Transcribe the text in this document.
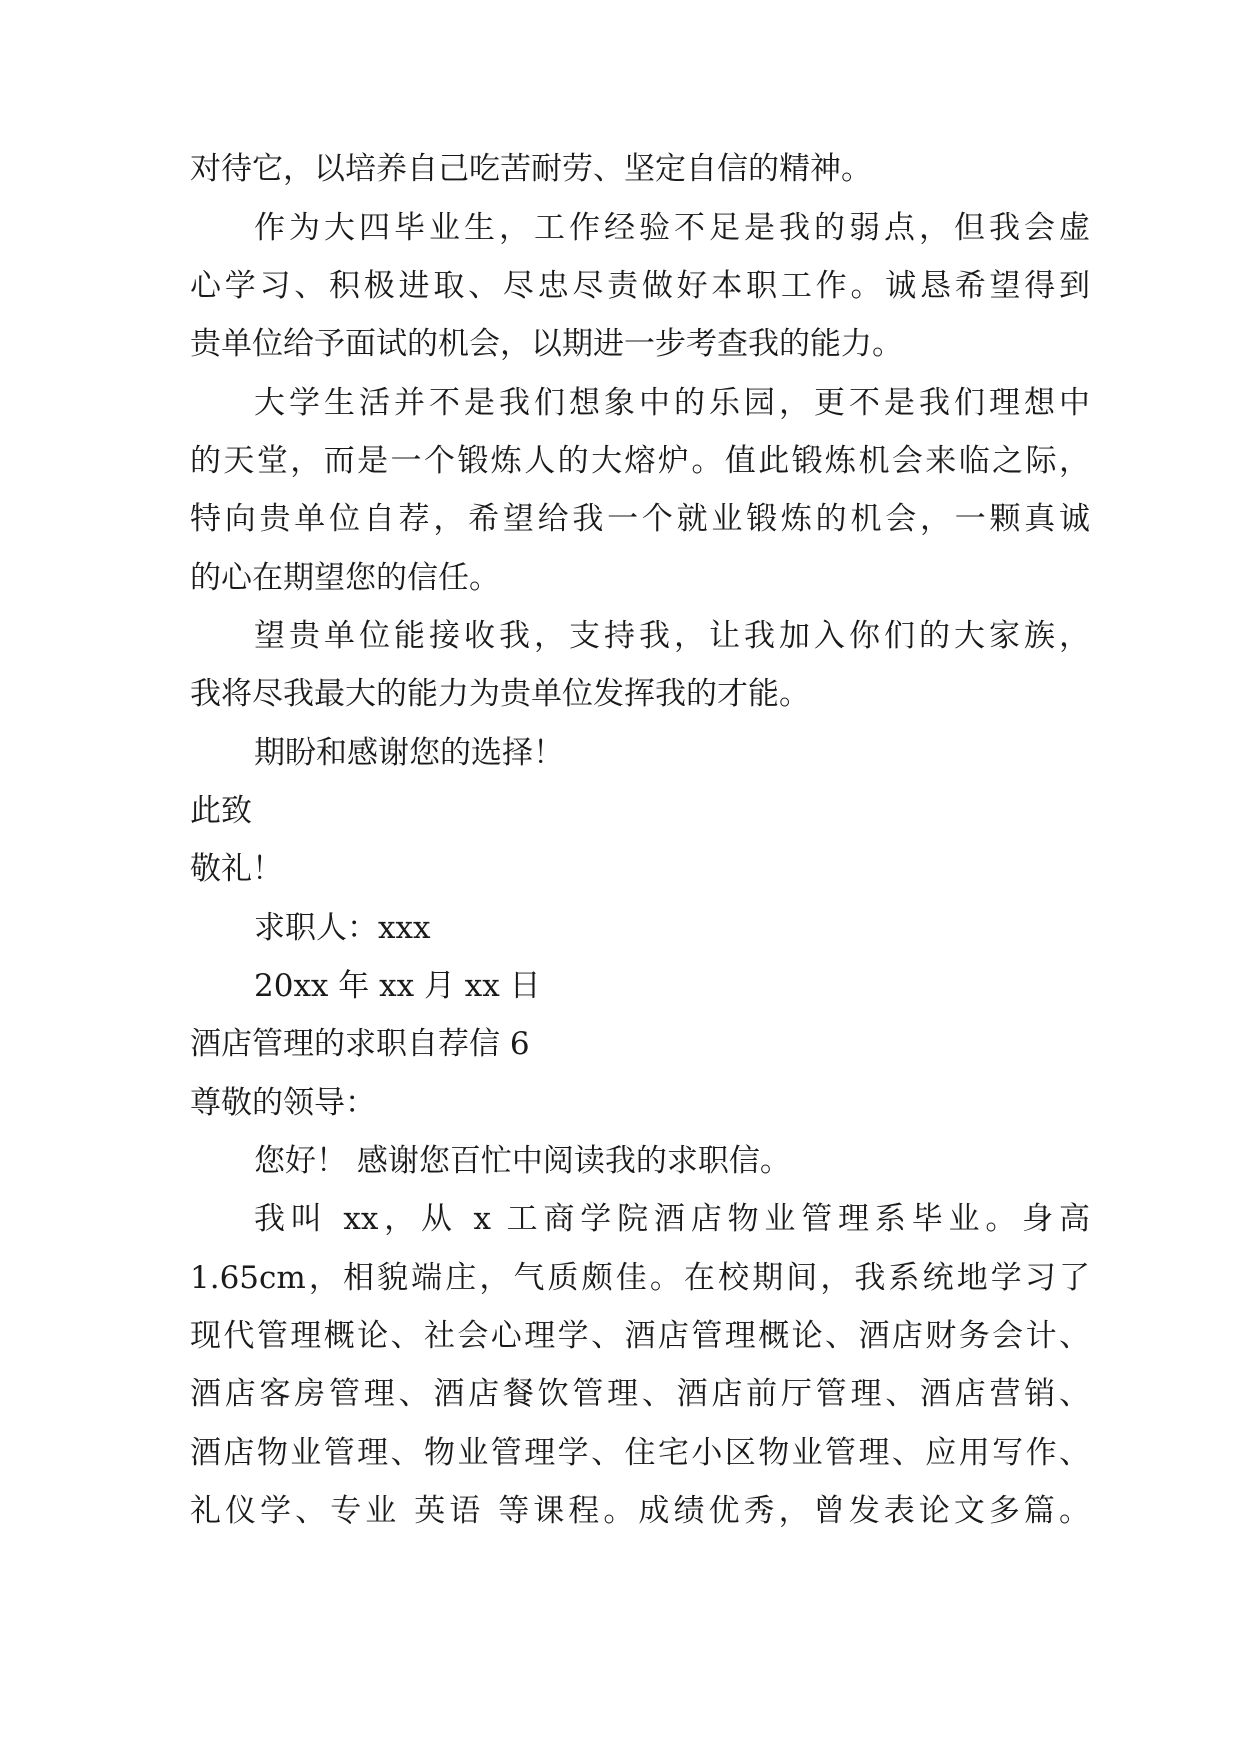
对待它，以培养自己吃苦耐劳、坚定自信的精神。
作为大四毕业生，工作经验不足是我的弱点，但我会虚
心学习、积极进取、尽忠尽责做好本职工作。诚恳希望得到
贵单位给予面试的机会，以期进一步考查我的能力。
大学生活并不是我们想象中的乐园，更不是我们理想中
的天堂，而是一个锻炼人的大熔炉。值此锻炼机会来临之际，
特向贵单位自荐，希望给我一个就业锻炼的机会，一颗真诚
的心在期望您的信任。
望贵单位能接收我，支持我，让我加入你们的大家族，
我将尽我最大的能力为贵单位发挥我的才能。
期盼和感谢您的选择！
此致
敬礼！
求职人：xxx
20xx 年 xx 月 xx 日
酒店管理的求职自荐信 6
尊敬的领导：
您好！ 感谢您百忙中阅读我的求职信。
我叫 xx，从 x 工商学院酒店物业管理系毕业。身高
1.65cm，相貌端庄，气质颇佳。在校期间，我系统地学习了
现代管理概论、社会心理学、酒店管理概论、酒店财务会计、
酒店客房管理、酒店餐饮管理、酒店前厅管理、酒店营销、
酒店物业管理、物业管理学、住宅小区物业管理、应用写作、
礼仪学、专业 英语 等课程。成绩优秀，曾发表论文多篇。
